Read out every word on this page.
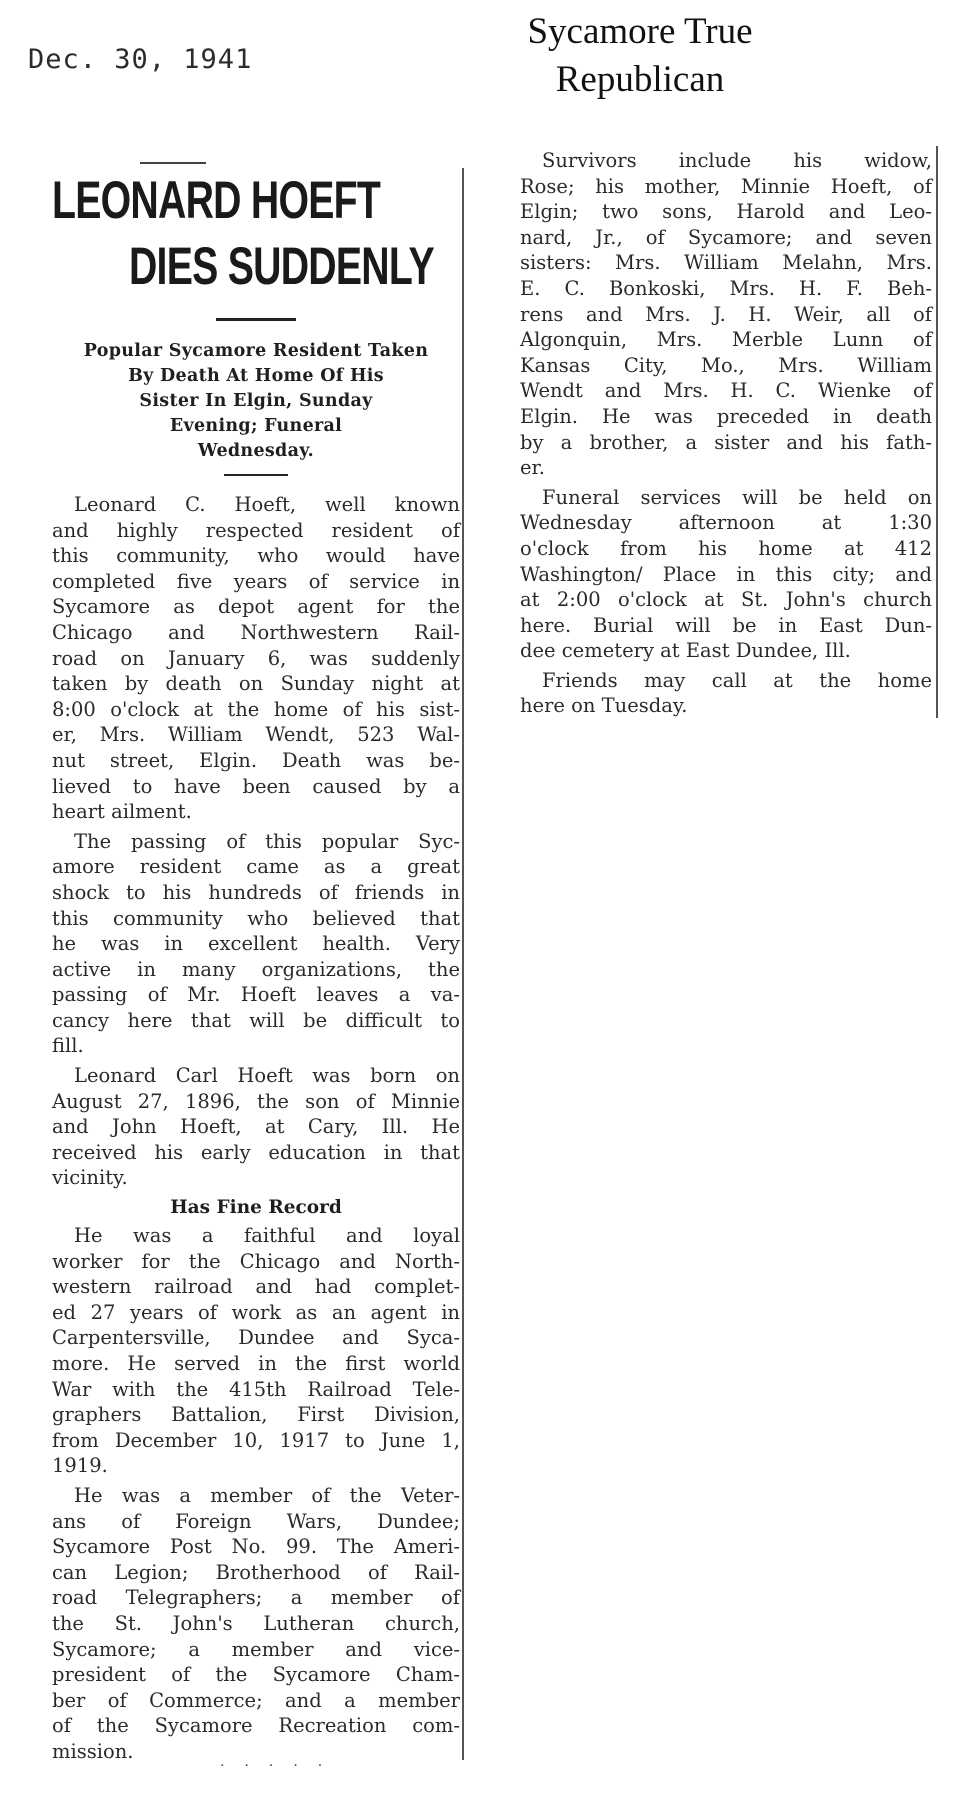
Dec. 30, 1941
Sycamore True
Republican
LEONARD HOEFT
DIES SUDDENLY
Popular Sycamore Resident Taken
By Death At Home Of His
Sister In Elgin, Sunday
Evening; Funeral
Wednesday.
Leonard C. Hoeft, well known
and highly respected resident of
this community, who would have
completed five years of service in
Sycamore as depot agent for the
Chicago and Northwestern Rail-
road on January 6, was suddenly
taken by death on Sunday night at
8:00 o'clock at the home of his sist-
er, Mrs. William Wendt, 523 Wal-
nut street, Elgin. Death was be-
lieved to have been caused by a
heart ailment.
The passing of this popular Syc-
amore resident came as a great
shock to his hundreds of friends in
this community who believed that
he was in excellent health. Very
active in many organizations, the
passing of Mr. Hoeft leaves a va-
cancy here that will be difficult to
fill.
Leonard Carl Hoeft was born on
August 27, 1896, the son of Minnie
and John Hoeft, at Cary, Ill. He
received his early education in that
vicinity.
Has Fine Record
He was a faithful and loyal
worker for the Chicago and North-
western railroad and had complet-
ed 27 years of work as an agent in
Carpentersville, Dundee and Syca-
more. He served in the first world
War with the 415th Railroad Tele-
graphers Battalion, First Division,
from December 10, 1917 to June 1,
1919.
He was a member of the Veter-
ans of Foreign Wars, Dundee;
Sycamore Post No. 99. The Ameri-
can Legion; Brotherhood of Rail-
road Telegraphers; a member of
the St. John's Lutheran church,
Sycamore; a member and vice-
president of the Sycamore Cham-
ber of Commerce; and a member
of the Sycamore Recreation com-
mission.
Survivors include his widow,
Rose; his mother, Minnie Hoeft, of
Elgin; two sons, Harold and Leo-
nard, Jr., of Sycamore; and seven
sisters: Mrs. William Melahn, Mrs.
E. C. Bonkoski, Mrs. H. F. Beh-
rens and Mrs. J. H. Weir, all of
Algonquin, Mrs. Merble Lunn of
Kansas City, Mo., Mrs. William
Wendt and Mrs. H. C. Wienke of
Elgin. He was preceded in death
by a brother, a sister and his fath-
er.
Funeral services will be held on
Wednesday afternoon at 1:30
o'clock from his home at 412
Washington/ Place in this city; and
at 2:00 o'clock at St. John's church
here. Burial will be in East Dun-
dee cemetery at East Dundee, Ill.
Friends may call at the home
here on Tuesday.
·····
